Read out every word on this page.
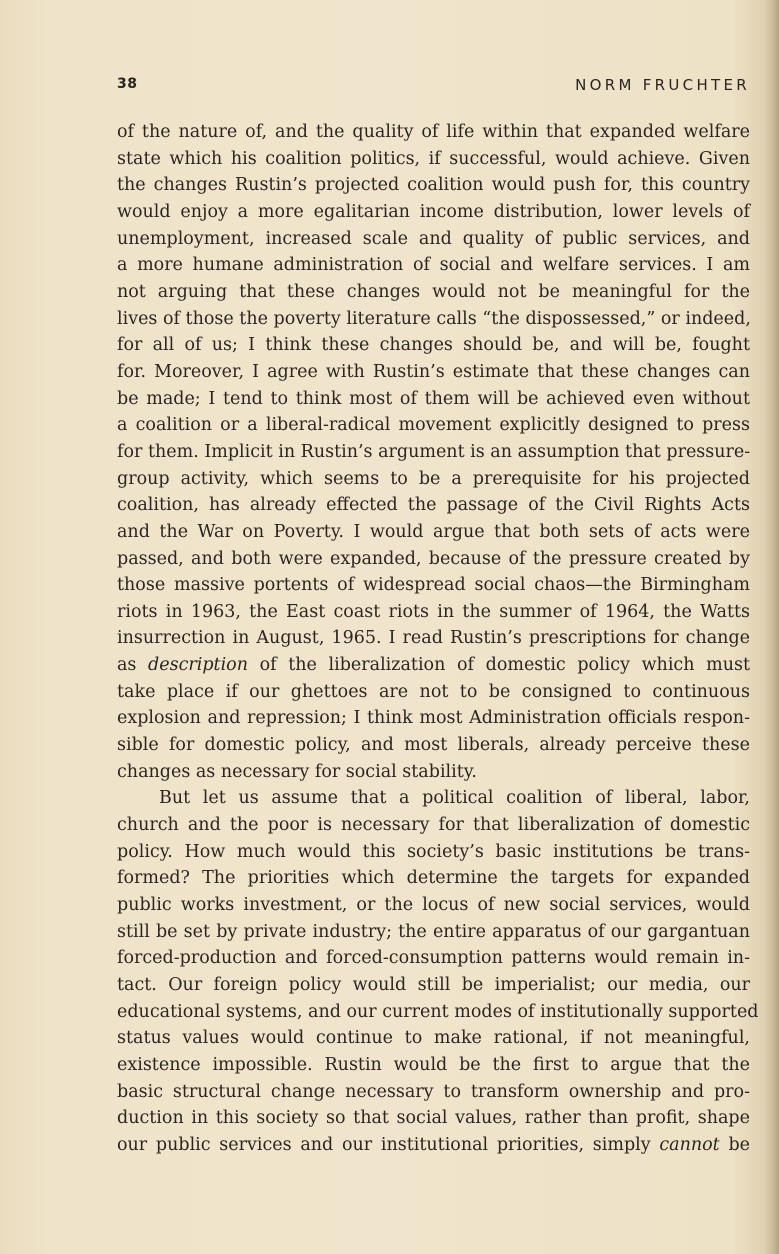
38	NORM FRUCHTER
of the nature of, and the quality of life within that expanded welfare
state which his coalition politics, if successful, would achieve. Given
the changes Rustin’s projected coalition would push for, this country
would enjoy a more egalitarian income distribution, lower levels of
unemployment, increased scale and quality of public services, and
a more humane administration of social and welfare services. I am
not arguing that these changes would not be meaningful for the
lives of those the poverty literature calls “the dispossessed,” or indeed,
for all of us; I think these changes should be, and will be, fought
for. Moreover, I agree with Rustin’s estimate that these changes can
be made; I tend to think most of them will be achieved even without
a coalition or a liberal-radical movement explicitly designed to press
for them. Implicit in Rustin’s argument is an assumption that pressure-
group activity, which seems to be a prerequisite for his projected
coalition, has already effected the passage of the Civil Rights Acts
and the War on Poverty. I would argue that both sets of acts were
passed, and both were expanded, because of the pressure created by
those massive portents of widespread social chaos—the Birmingham
riots in 1963, the East coast riots in the summer of 1964, the Watts
insurrection in August, 1965. I read Rustin’s prescriptions for change
as description of the liberalization of domestic policy which must
take place if our ghettoes are not to be consigned to continuous
explosion and repression; I think most Administration officials respon-
sible for domestic policy, and most liberals, already perceive these
changes as necessary for social stability.
But let us assume that a political coalition of liberal, labor,
church and the poor is necessary for that liberalization of domestic
policy. How much would this society’s basic institutions be trans-
formed? The priorities which determine the targets for expanded
public works investment, or the locus of new social services, would
still be set by private industry; the entire apparatus of our gargantuan
forced-production and forced-consumption patterns would remain in-
tact. Our foreign policy would still be imperialist; our media, our
educational systems, and our current modes of institutionally supported
status values would continue to make rational, if not meaningful,
existence impossible. Rustin would be the first to argue that the
basic structural change necessary to transform ownership and pro-
duction in this society so that social values, rather than profit, shape
our public services and our institutional priorities, simply cannot be
